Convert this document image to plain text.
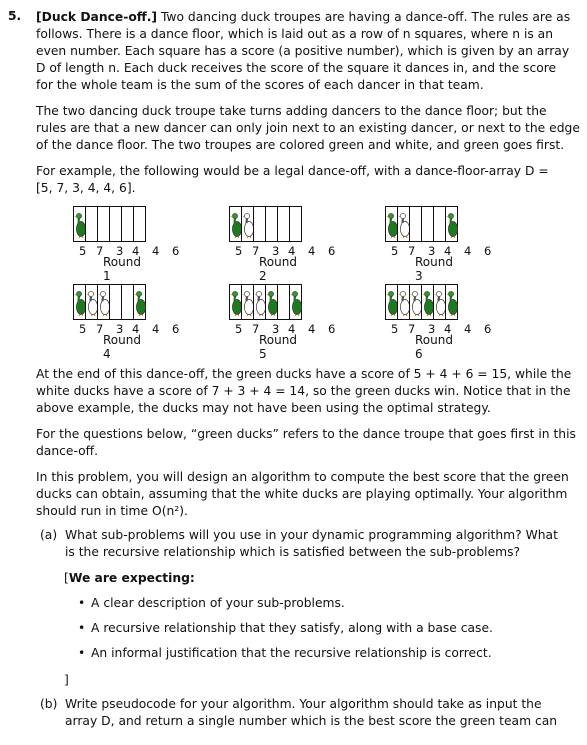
5. [Duck Dance-off.] Two dancing duck troupes are having a dance-off. The rules are as
follows. There is a dance floor, which is laid out as a row of n squares, where n is an
even number. Each square has a score (a positive number), which is given by an array
D of length n. Each duck receives the score of the square it dances in, and the score
for the whole team is the sum of the scores of each dancer in that team.
The two dancing duck troupe take turns adding dancers to the dance floor; but the
rules are that a new dancer can only join next to an existing dancer, or next to the edge
of the dance floor. The two troupes are colored green and white, and green goes first.
For example, the following would be a legal dance-off, with a dance-floor-array D =
[5, 7, 3, 4, 4, 6].
5 7 3 4 4 6
Round 1
5 7 3 4 4 6
Round 2
5 7 3 4 4 6
Round 3
5 7 3 4 4 6
Round 4
5 7 3 4 4 6
Round 5
5 7 3 4 4 6
Round 6
At the end of this dance-off, the green ducks have a score of 5 + 4 + 6 = 15, while the
white ducks have a score of 7 + 3 + 4 = 14, so the green ducks win. Notice that in the
above example, the ducks may not have been using the optimal strategy.
For the questions below, “green ducks” refers to the dance troupe that goes first in this
dance-off.
In this problem, you will design an algorithm to compute the best score that the green
ducks can obtain, assuming that the white ducks are playing optimally. Your algorithm
should run in time O(n²).
(a) What sub-problems will you use in your dynamic programming algorithm? What
is the recursive relationship which is satisfied between the sub-problems?
[We are expecting:
• A clear description of your sub-problems.
• A recursive relationship that they satisfy, along with a base case.
• An informal justification that the recursive relationship is correct.
]
(b) Write pseudocode for your algorithm. Your algorithm should take as input the
array D, and return a single number which is the best score the green team can
